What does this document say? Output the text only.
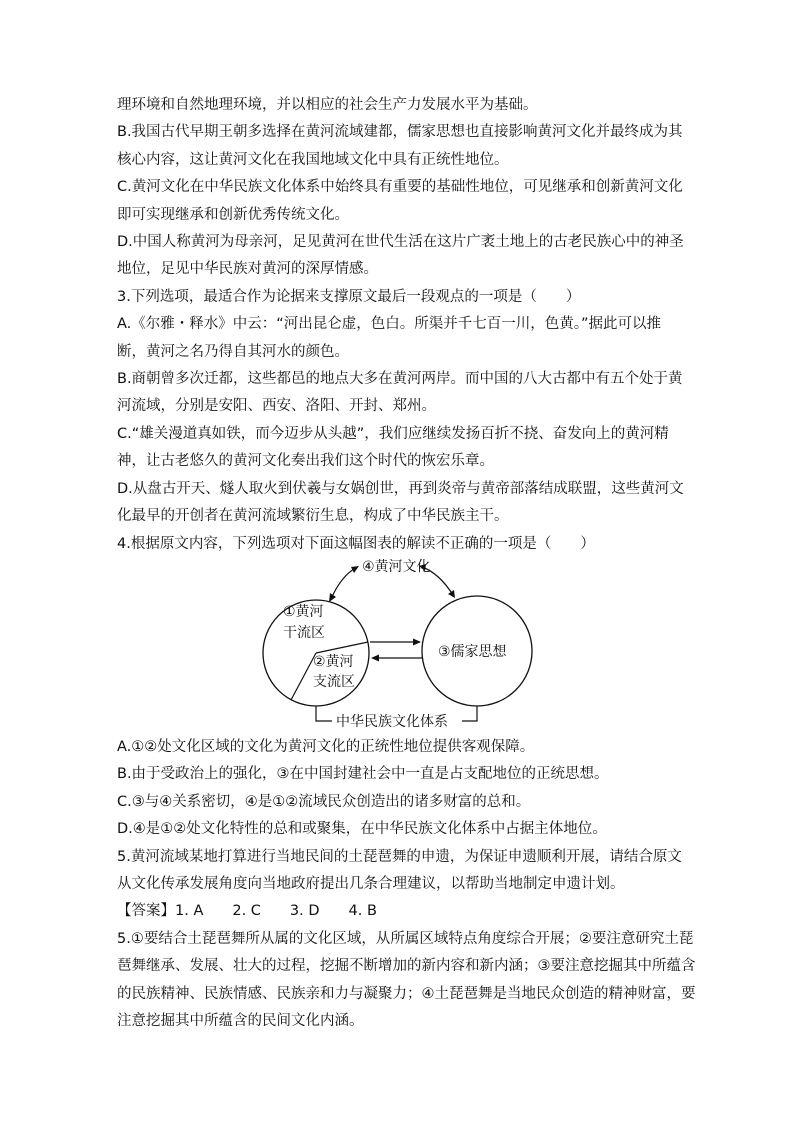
理环境和自然地理环境，并以相应的社会生产力发展水平为基础。
B.我国古代早期王朝多选择在黄河流域建都，儒家思想也直接影响黄河文化并最终成为其
核心内容，这让黄河文化在我国地域文化中具有正统性地位。
C.黄河文化在中华民族文化体系中始终具有重要的基础性地位，可见继承和创新黄河文化
即可实现继承和创新优秀传统文化。
D.中国人称黄河为母亲河，足见黄河在世代生活在这片广袤土地上的古老民族心中的神圣
地位，足见中华民族对黄河的深厚情感。

3.下列选项，最适合作为论据来支撑原文最后一段观点的一项是（　　）
A.《尔雅・释水》中云：“河出昆仑虚，色白。所渠并千七百一川，色黄。”据此可以推
断，黄河之名乃得自其河水的颜色。
B.商朝曾多次迁都，这些都邑的地点大多在黄河两岸。而中国的八大古都中有五个处于黄
河流域，分别是安阳、西安、洛阳、开封、郑州。
C.“雄关漫道真如铁，而今迈步从头越”，我们应继续发扬百折不挠、奋发向上的黄河精
神，让古老悠久的黄河文化奏出我们这个时代的恢宏乐章。
D.从盘古开天、燧人取火到伏羲与女娲创世，再到炎帝与黄帝部落结成联盟，这些黄河文
化最早的开创者在黄河流域繁衍生息，构成了中华民族主干。

4.根据原文内容，下列选项对下面这幅图表的解读不正确的一项是（　　）

④黄河文化
①黄河
干流区
②黄河
支流区
③儒家思想
中华民族文化体系

A.①②处文化区域的文化为黄河文化的正统性地位提供客观保障。
B.由于受政治上的强化，③在中国封建社会中一直是占支配地位的正统思想。
C.③与④关系密切，④是①②流域民众创造出的诸多财富的总和。
D.④是①②处文化特性的总和或聚集，在中华民族文化体系中占据主体地位。

5.黄河流域某地打算进行当地民间的土琵琶舞的申遗，为保证申遗顺利开展，请结合原文
从文化传承发展角度向当地政府提出几条合理建议，以帮助当地制定申遗计划。

【答案】1. A　　2. C　　3. D　　4. B
5.①要结合土琵琶舞所从属的文化区域，从所属区域特点角度综合开展；②要注意研究土琵
琶舞继承、发展、壮大的过程，挖掘不断增加的新内容和新内涵；③要注意挖掘其中所蕴含
的民族精神、民族情感、民族亲和力与凝聚力；④土琵琶舞是当地民众创造的精神财富，要
注意挖掘其中所蕴含的民间文化内涵。
